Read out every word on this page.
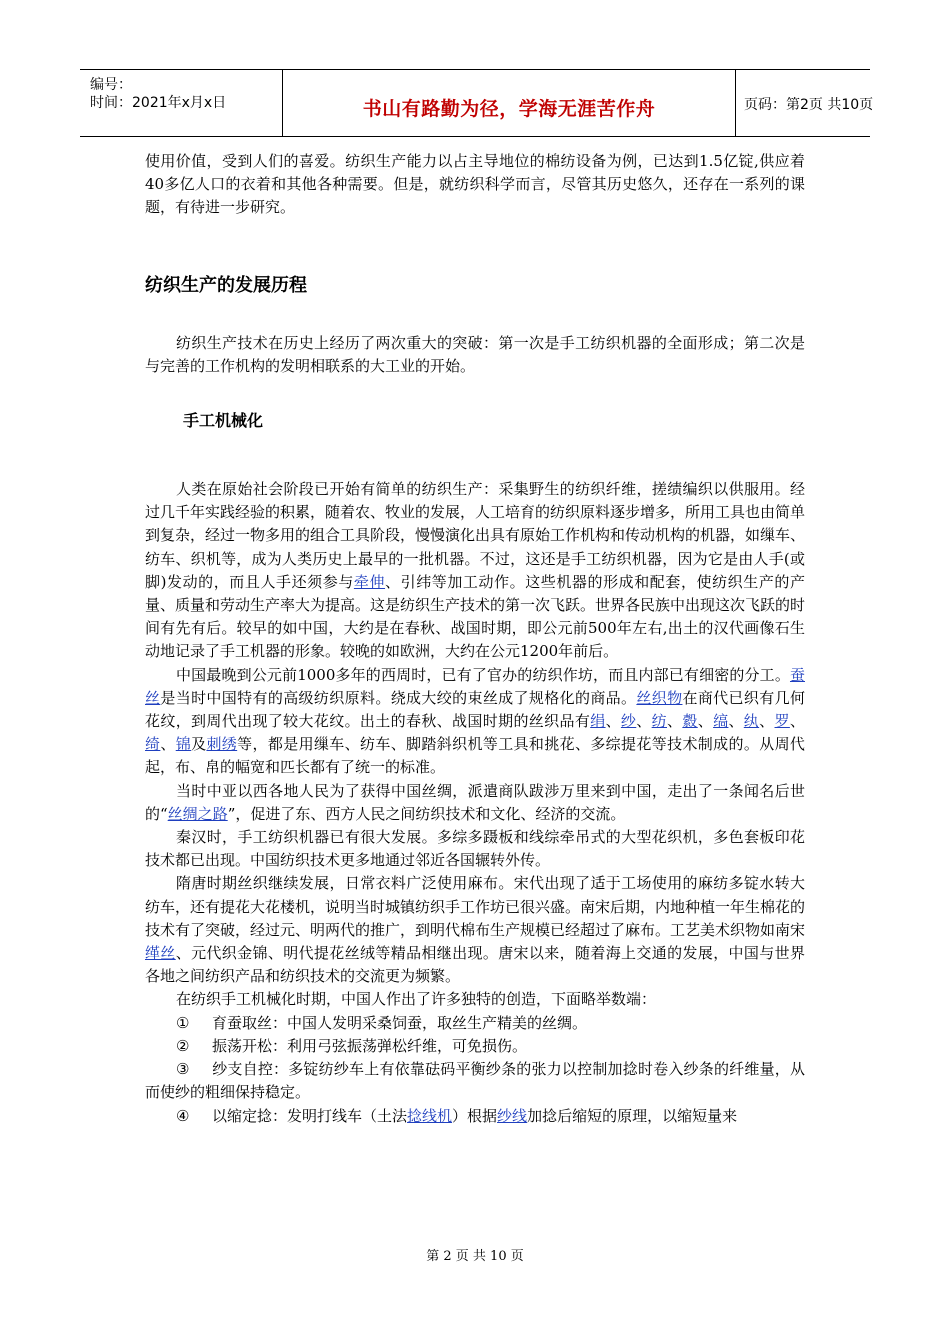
编号：
时间：2021年x月x日	书山有路勤为径，学海无涯苦作舟	页码：第2页 共10页

使用价值，受到人们的喜爱。纺织生产能力以占主导地位的棉纺设备为例，已达到1.5亿锭,供应着40多亿人口的衣着和其他各种需要。但是，就纺织科学而言，尽管其历史悠久，还存在一系列的课题，有待进一步研究。

纺织生产的发展历程

纺织生产技术在历史上经历了两次重大的突破：第一次是手工纺织机器的全面形成；第二次是与完善的工作机构的发明相联系的大工业的开始。

手工机械化

人类在原始社会阶段已开始有简单的纺织生产：采集野生的纺织纤维，搓绩编织以供服用。经过几千年实践经验的积累，随着农、牧业的发展，人工培育的纺织原料逐步增多，所用工具也由简单到复杂，经过一物多用的组合工具阶段，慢慢演化出具有原始工作机构和传动机构的机器，如缫车、纺车、织机等，成为人类历史上最早的一批机器。不过，这还是手工纺织机器，因为它是由人手(或脚)发动的，而且人手还须参与牵伸、引纬等加工动作。这些机器的形成和配套，使纺织生产的产量、质量和劳动生产率大为提高。这是纺织生产技术的第一次飞跃。世界各民族中出现这次飞跃的时间有先有后。较早的如中国，大约是在春秋、战国时期，即公元前500年左右,出土的汉代画像石生动地记录了手工机器的形象。较晚的如欧洲，大约在公元1200年前后。

中国最晚到公元前1000多年的西周时，已有了官办的纺织作坊，而且内部已有细密的分工。蚕丝是当时中国特有的高级纺织原料。绕成大绞的束丝成了规格化的商品。丝织物在商代已织有几何花纹，到周代出现了较大花纹。出土的春秋、战国时期的丝织品有绢、纱、纺、縠、缟、纨、罗、绮、锦及刺绣等，都是用缫车、纺车、脚踏斜织机等工具和挑花、多综提花等技术制成的。从周代起，布、帛的幅宽和匹长都有了统一的标准。

当时中亚以西各地人民为了获得中国丝绸，派遣商队跋涉万里来到中国，走出了一条闻名后世的“丝绸之路”，促进了东、西方人民之间纺织技术和文化、经济的交流。

秦汉时，手工纺织机器已有很大发展。多综多蹑板和线综牵吊式的大型花织机，多色套板印花技术都已出现。中国纺织技术更多地通过邻近各国辗转外传。

隋唐时期丝织继续发展，日常衣料广泛使用麻布。宋代出现了适于工场使用的麻纺多锭水转大纺车，还有提花大花楼机，说明当时城镇纺织手工作坊已很兴盛。南宋后期，内地种植一年生棉花的技术有了突破，经过元、明两代的推广，到明代棉布生产规模已经超过了麻布。工艺美术织物如南宋缂丝、元代织金锦、明代提花丝绒等精品相继出现。唐宋以来，随着海上交通的发展，中国与世界各地之间纺织产品和纺织技术的交流更为频繁。

在纺织手工机械化时期，中国人作出了许多独特的创造，下面略举数端：

① 育蚕取丝：中国人发明采桑饲蚕，取丝生产精美的丝绸。

② 振荡开松：利用弓弦振荡弹松纤维，可免损伤。

③ 纱支自控：多锭纺纱车上有依靠砝码平衡纱条的张力以控制加捻时卷入纱条的纤维量，从而使纱的粗细保持稳定。

④ 以缩定捻：发明打线车（土法捻线机）根据纱线加捻后缩短的原理，以缩短量来

第 2 页 共 10 页
